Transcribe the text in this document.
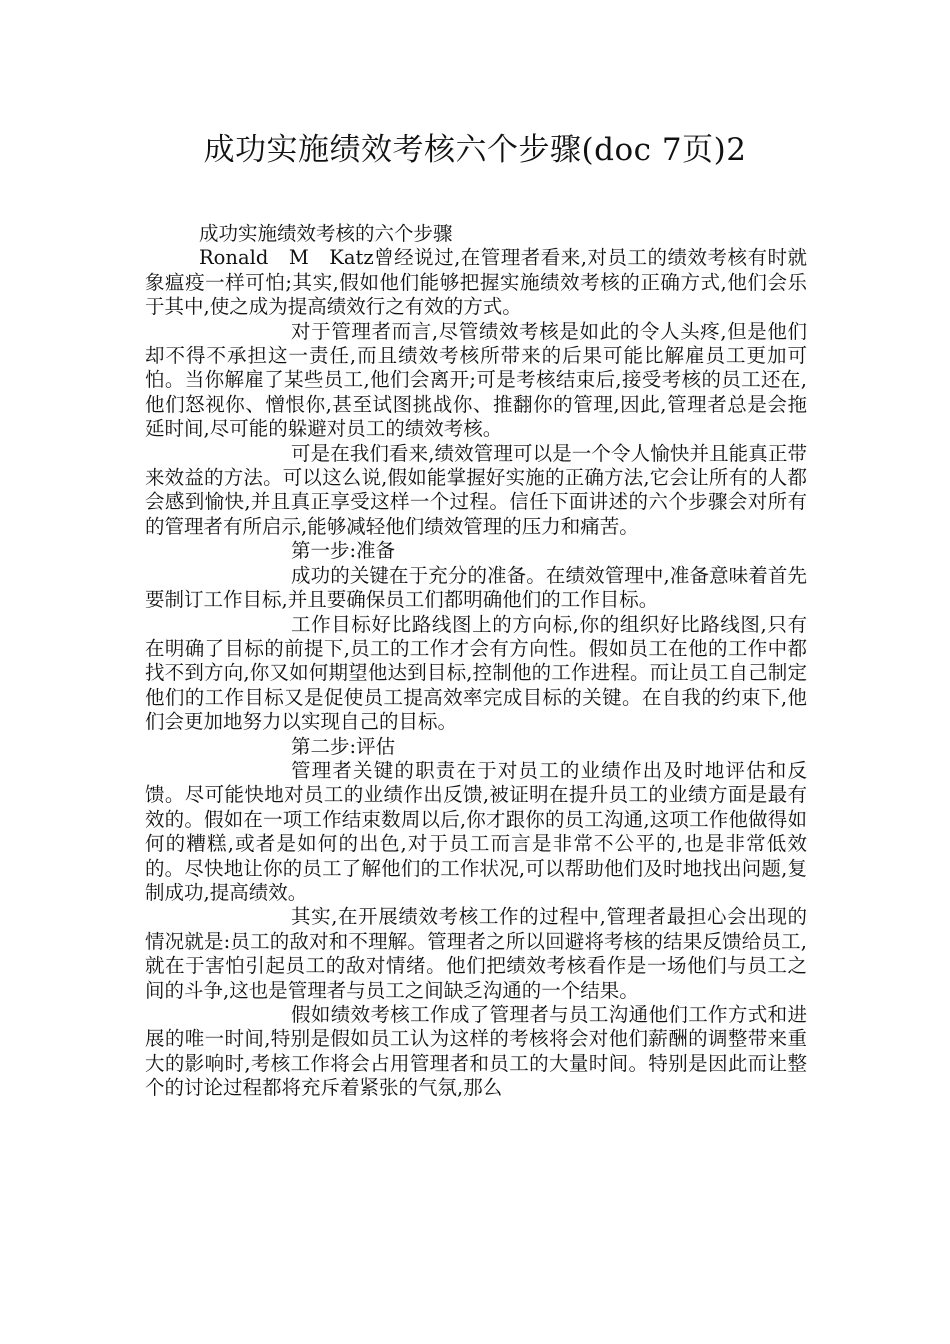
成功实施绩效考核六个步骤(doc 7页)2

成功实施绩效考核的六个步骤

Ronald　M　Katz曾经说过,在管理者看来,对员工的绩效考核有时就象瘟疫一样可怕;其实,假如他们能够把握实施绩效考核的正确方式,他们会乐于其中,使之成为提高绩效行之有效的方式。

对于管理者而言,尽管绩效考核是如此的令人头疼,但是他们却不得不承担这一责任,而且绩效考核所带来的后果可能比解雇员工更加可怕。当你解雇了某些员工,他们会离开;可是考核结束后,接受考核的员工还在,他们怒视你、憎恨你,甚至试图挑战你、推翻你的管理,因此,管理者总是会拖延时间,尽可能的躲避对员工的绩效考核。

可是在我们看来,绩效管理可以是一个令人愉快并且能真正带来效益的方法。可以这么说,假如能掌握好实施的正确方法,它会让所有的人都会感到愉快,并且真正享受这样一个过程。信任下面讲述的六个步骤会对所有的管理者有所启示,能够减轻他们绩效管理的压力和痛苦。

第一步:准备

成功的关键在于充分的准备。在绩效管理中,准备意味着首先要制订工作目标,并且要确保员工们都明确他们的工作目标。

工作目标好比路线图上的方向标,你的组织好比路线图,只有在明确了目标的前提下,员工的工作才会有方向性。假如员工在他的工作中都找不到方向,你又如何期望他达到目标,控制他的工作进程。而让员工自己制定他们的工作目标又是促使员工提高效率完成目标的关键。在自我的约束下,他们会更加地努力以实现自己的目标。

第二步:评估

管理者关键的职责在于对员工的业绩作出及时地评估和反馈。尽可能快地对员工的业绩作出反馈,被证明在提升员工的业绩方面是最有效的。假如在一项工作结束数周以后,你才跟你的员工沟通,这项工作他做得如何的糟糕,或者是如何的出色,对于员工而言是非常不公平的,也是非常低效的。尽快地让你的员工了解他们的工作状况,可以帮助他们及时地找出问题,复制成功,提高绩效。

其实,在开展绩效考核工作的过程中,管理者最担心会出现的情况就是:员工的敌对和不理解。管理者之所以回避将考核的结果反馈给员工,就在于害怕引起员工的敌对情绪。他们把绩效考核看作是一场他们与员工之间的斗争,这也是管理者与员工之间缺乏沟通的一个结果。

假如绩效考核工作成了管理者与员工沟通他们工作方式和进展的唯一时间,特别是假如员工认为这样的考核将会对他们薪酬的调整带来重大的影响时,考核工作将会占用管理者和员工的大量时间。特别是因此而让整个的讨论过程都将充斥着紧张的气氛,那么
